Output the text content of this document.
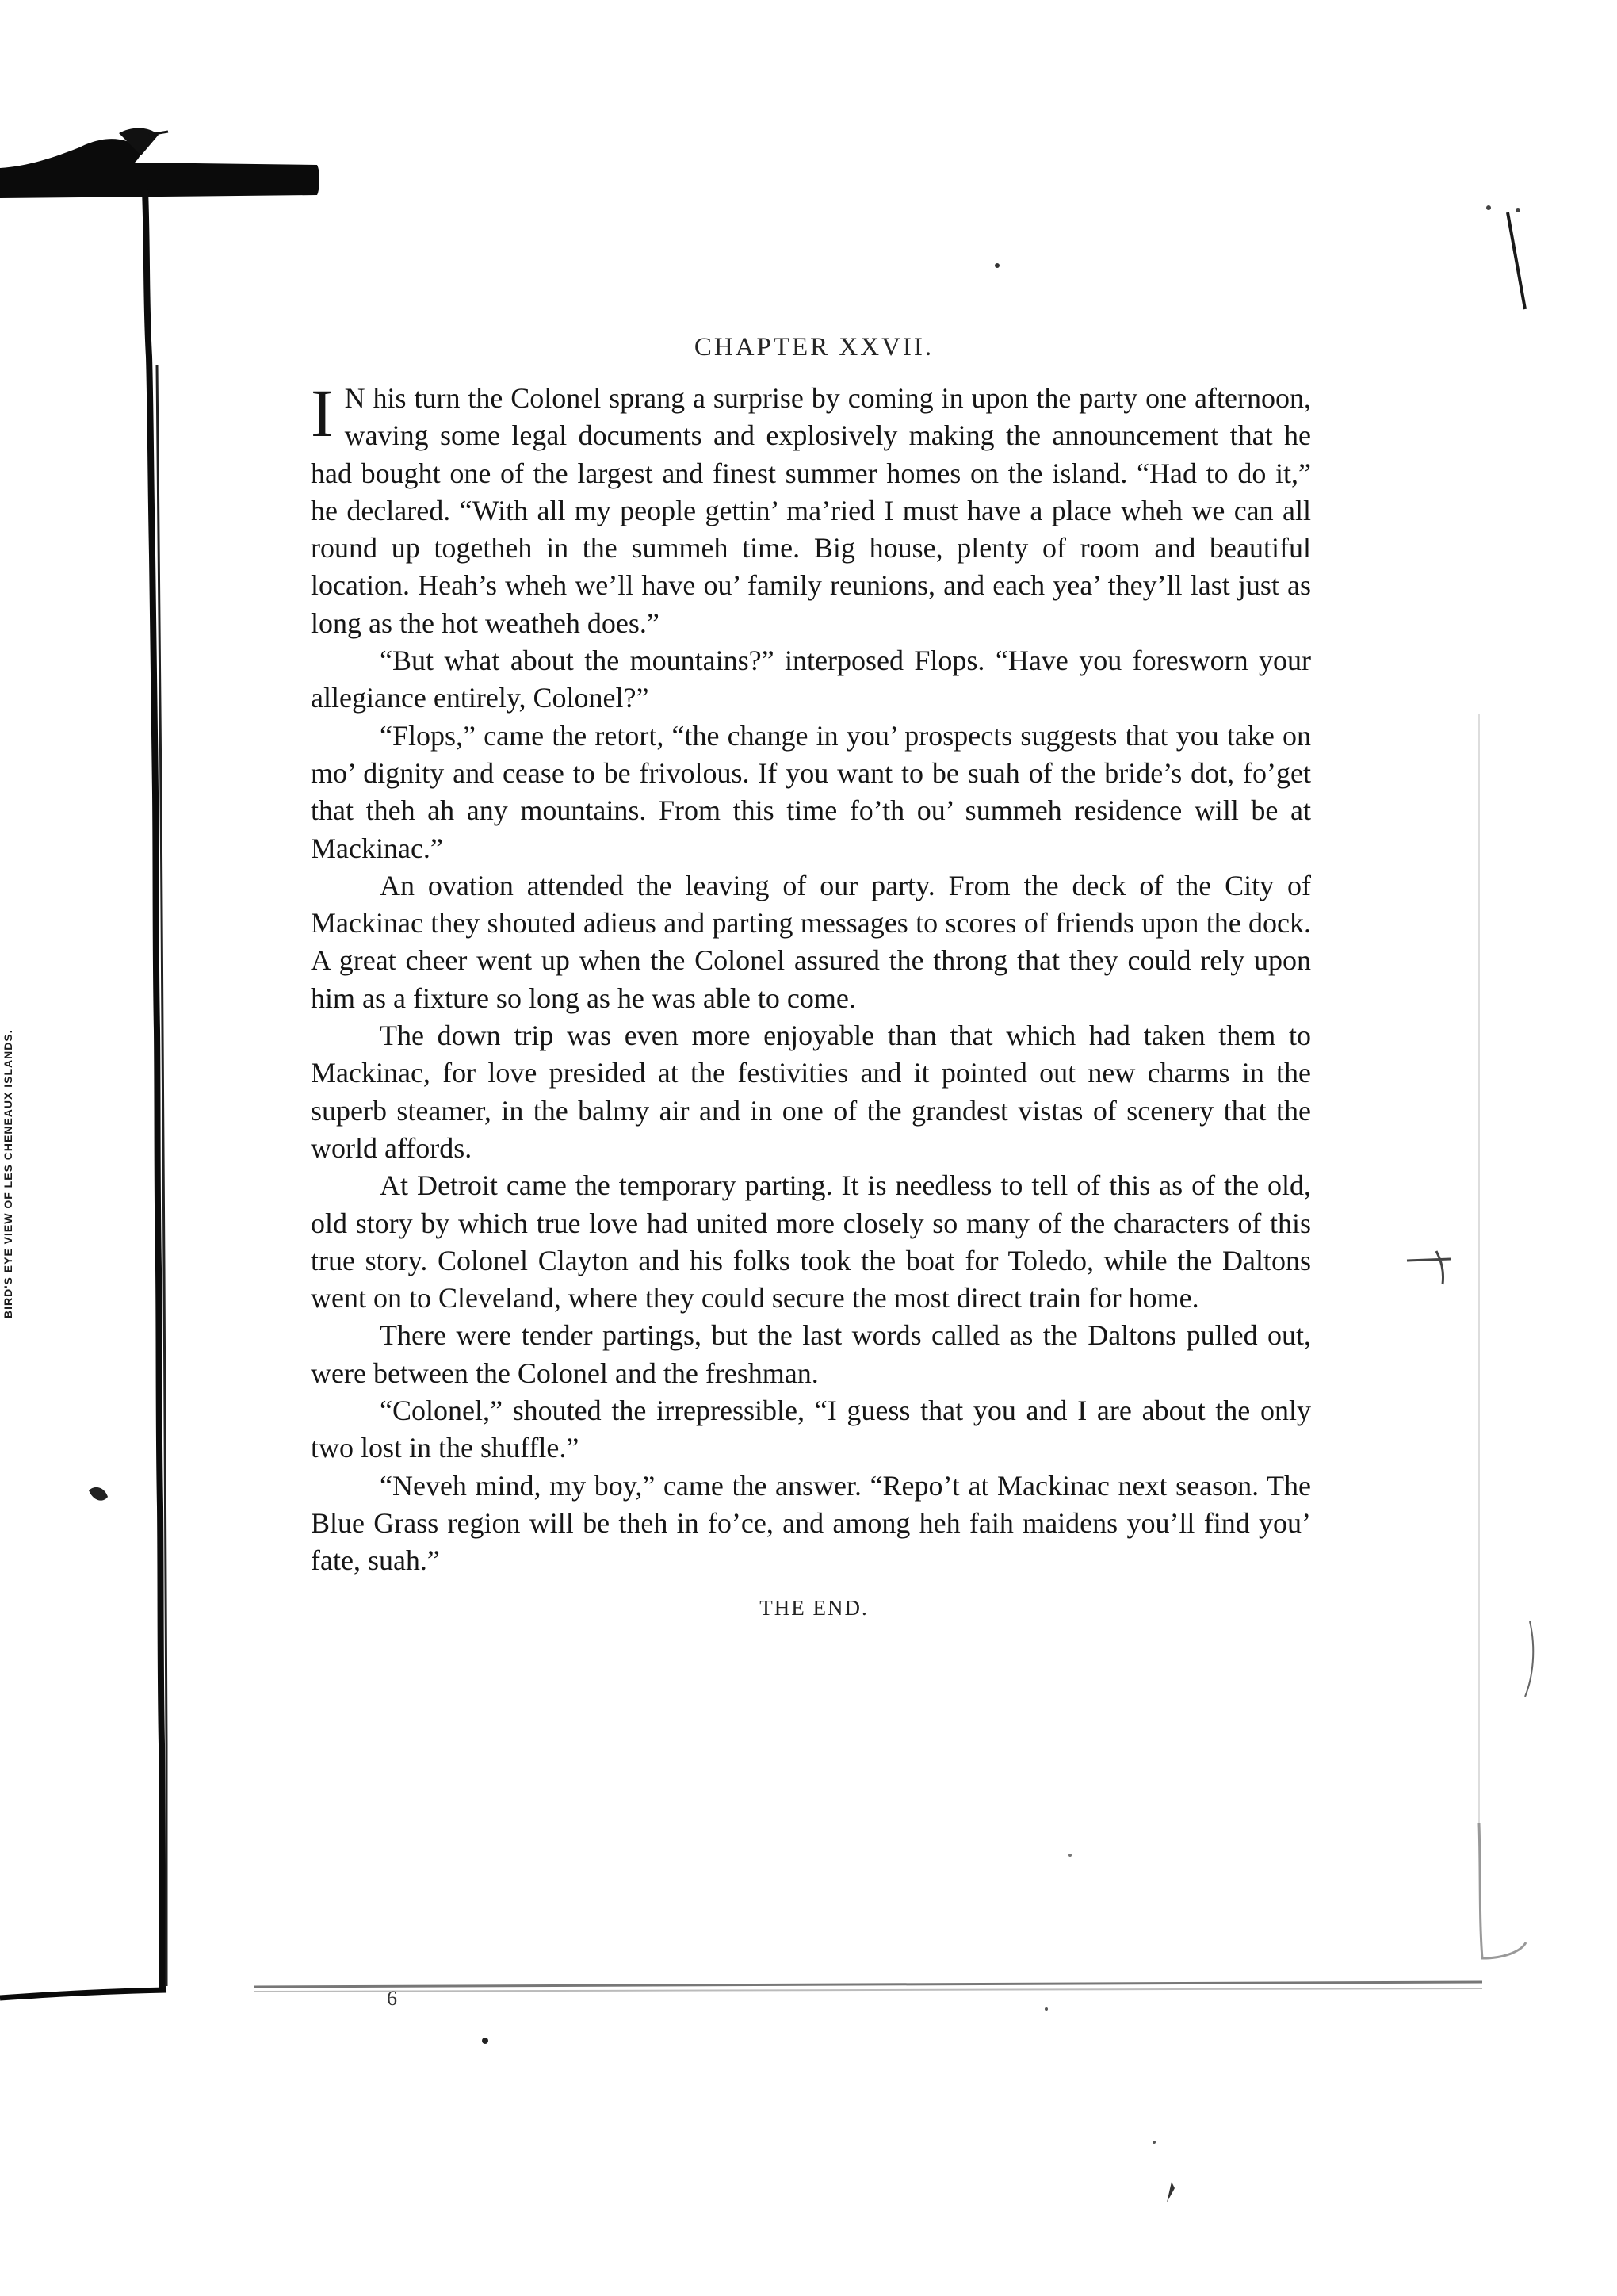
BIRD'S EYE VIEW OF LES CHENEAUX ISLANDS.
CHAPTER XXVII.

I N his turn the Colonel sprang a surprise by coming in upon the party one afternoon, waving some legal documents and explosively making the announcement that he had bought one of the largest and finest summer homes on the island. “Had to do it,” he declared. “With all my people gettin’ ma’ried I must have a place wheh we can all round up togetheh in the summeh time. Big house, plenty of room and beautiful location. Heah’s wheh we’ll have ou’ family reunions, and each yea’ they’ll last just as long as the hot weatheh does.”

“But what about the mountains?” interposed Flops. “Have you foresworn your allegiance entirely, Colonel?”

“Flops,” came the retort, “the change in you’ prospects suggests that you take on mo’ dignity and cease to be frivolous. If you want to be suah of the bride’s dot, fo’get that theh ah any mountains. From this time fo’th ou’ summeh residence will be at Mackinac.”

An ovation attended the leaving of our party. From the deck of the City of Mackinac they shouted adieus and parting messages to scores of friends upon the dock. A great cheer went up when the Colonel assured the throng that they could rely upon him as a fixture so long as he was able to come.

The down trip was even more enjoyable than that which had taken them to Mackinac, for love presided at the festivities and it pointed out new charms in the superb steamer, in the balmy air and in one of the grandest vistas of scenery that the world affords.

At Detroit came the temporary parting. It is needless to tell of this as of the old, old story by which true love had united more closely so many of the characters of this true story. Colonel Clayton and his folks took the boat for Toledo, while the Daltons went on to Cleveland, where they could secure the most direct train for home.

There were tender partings, but the last words called as the Daltons pulled out, were between the Colonel and the freshman.

“Colonel,” shouted the irrepressible, “I guess that you and I are about the only two lost in the shuffle.”

“Neveh mind, my boy,” came the answer. “Repo’t at Mackinac next season. The Blue Grass region will be theh in fo’ce, and among heh faih maidens you’ll find you’ fate, suah.”

THE END.
6
